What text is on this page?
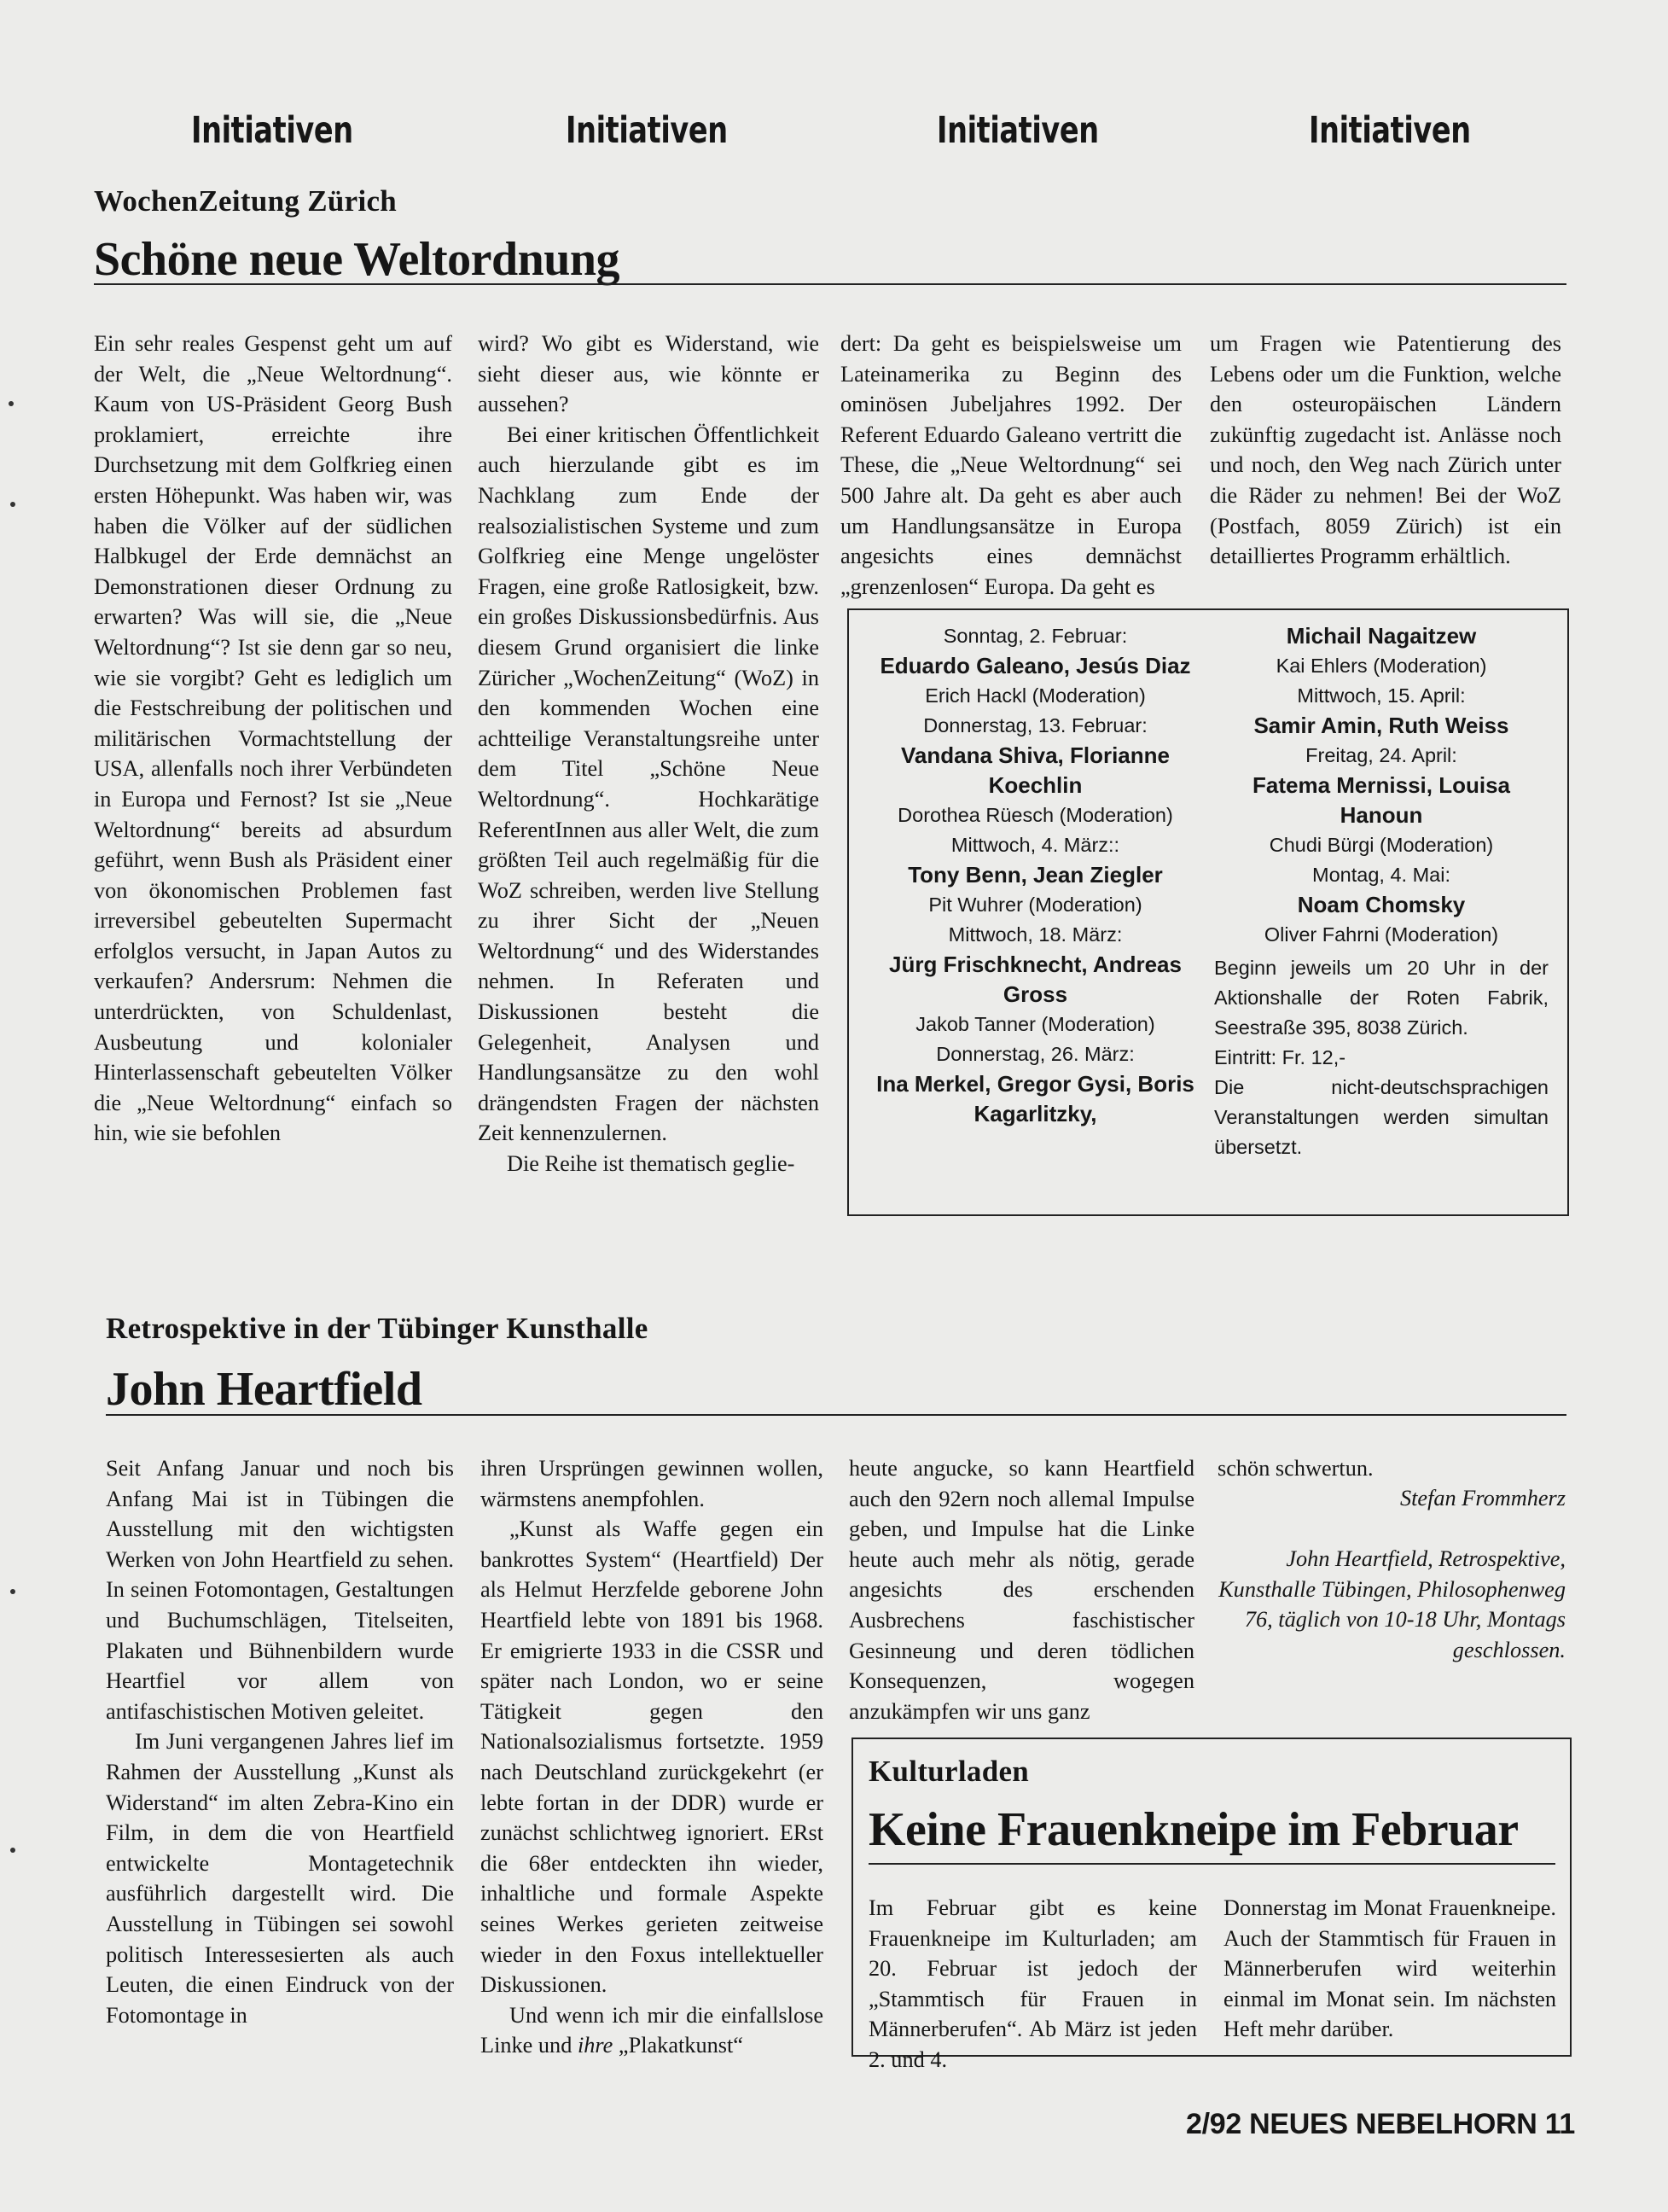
Initiativen	Initiativen	Initiativen	Initiativen
WochenZeitung Zürich
Schöne neue Weltordnung

Ein sehr reales Gespenst geht um auf der Welt, die „Neue Weltordnung“. Kaum von US-Präsident Georg Bush proklamiert, erreichte ihre Durchsetzung mit dem Golfkrieg einen ersten Höhepunkt. Was haben wir, was haben die Völker auf der südlichen Halbkugel der Erde demnächst an Demonstrationen dieser Ordnung zu erwarten? Was will sie, die „Neue Weltordnung“? Ist sie denn gar so neu, wie sie vorgibt? Geht es lediglich um die Festschreibung der politischen und militärischen Vormachtstellung der USA, allenfalls noch ihrer Verbündeten in Europa und Fernost? Ist sie „Neue Weltordnung“ bereits ad absurdum geführt, wenn Bush als Präsident einer von ökonomischen Problemen fast irreversibel gebeutelten Supermacht erfolglos versucht, in Japan Autos zu verkaufen? Andersrum: Nehmen die unterdrückten, von Schuldenlast, Ausbeutung und kolonialer Hinterlassenschaft gebeutelten Völker die „Neue Weltordnung“ einfach so hin, wie sie befohlen

wird? Wo gibt es Widerstand, wie sieht dieser aus, wie könnte er aussehen?

Bei einer kritischen Öffentlichkeit auch hierzulande gibt es im Nachklang zum Ende der realsozialistischen Systeme und zum Golfkrieg eine Menge ungelöster Fragen, eine große Ratlosigkeit, bzw. ein großes Diskussionsbedürfnis. Aus diesem Grund organisiert die linke Züricher „WochenZeitung“ (WoZ) in den kommenden Wochen eine achtteilige Veranstaltungsreihe unter dem Titel „Schöne Neue Weltordnung“. Hochkarätige ReferentInnen aus aller Welt, die zum größten Teil auch regelmäßig für die WoZ schreiben, werden live Stellung zu ihrer Sicht der „Neuen Weltordnung“ und des Widerstandes nehmen. In Referaten und Diskussionen besteht die Gelegenheit, Analysen und Handlungsansätze zu den wohl drängendsten Fragen der nächsten Zeit kennenzulernen.

Die Reihe ist thematisch geglie-

dert: Da geht es beispielsweise um Lateinamerika zu Beginn des ominösen Jubeljahres 1992. Der Referent Eduardo Galeano vertritt die These, die „Neue Weltordnung“ sei 500 Jahre alt. Da geht es aber auch um Handlungsansätze in Europa angesichts eines demnächst „grenzenlosen“ Europa. Da geht es

um Fragen wie Patentierung des Lebens oder um die Funktion, welche den osteuropäischen Ländern zukünftig zugedacht ist. Anlässe noch und noch, den Weg nach Zürich unter die Räder zu nehmen! Bei der WoZ (Postfach, 8059 Zürich) ist ein detailliertes Programm erhältlich.

Sonntag, 2. Februar:
Eduardo Galeano, Jesús Diaz
Erich Hackl (Moderation)
Donnerstag, 13. Februar:
Vandana Shiva, Florianne Koechlin
Dorothea Rüesch (Moderation)
Mittwoch, 4. März::
Tony Benn, Jean Ziegler
Pit Wuhrer (Moderation)
Mittwoch, 18. März:
Jürg Frischknecht, Andreas Gross
Jakob Tanner (Moderation)
Donnerstag, 26. März:
Ina Merkel, Gregor Gysi, Boris Kagarlitzky,
Michail Nagaitzew
Kai Ehlers (Moderation)
Mittwoch, 15. April:
Samir Amin, Ruth Weiss
Freitag, 24. April:
Fatema Mernissi, Louisa Hanoun
Chudi Bürgi (Moderation)
Montag, 4. Mai:
Noam Chomsky
Oliver Fahrni (Moderation)

Beginn jeweils um 20 Uhr in der Aktionshalle der Roten Fabrik, Seestraße 395, 8038 Zürich.

Eintritt: Fr. 12,-

Die nicht-deutschsprachigen Veranstaltungen werden simultan übersetzt.

Retrospektive in der Tübinger Kunsthalle
John Heartfield

Seit Anfang Januar und noch bis Anfang Mai ist in Tübingen die Ausstellung mit den wichtigsten Werken von John Heartfield zu sehen. In seinen Fotomontagen, Gestaltungen und Buchumschlägen, Titelseiten, Plakaten und Bühnenbildern wurde Heartfiel vor allem von antifaschistischen Motiven geleitet.

Im Juni vergangenen Jahres lief im Rahmen der Ausstellung „Kunst als Widerstand“ im alten Zebra-Kino ein Film, in dem die von Heartfield entwickelte Montagetechnik ausführlich dargestellt wird. Die Ausstellung in Tübingen sei sowohl politisch Interessesierten als auch Leuten, die einen Eindruck von der Fotomontage in

ihren Ursprüngen gewinnen wollen, wärmstens anempfohlen.

„Kunst als Waffe gegen ein bankrottes System“ (Heartfield) Der als Helmut Herzfelde geborene John Heartfield lebte von 1891 bis 1968. Er emigrierte 1933 in die CSSR und später nach London, wo er seine Tätigkeit gegen den Nationalsozialismus fortsetzte. 1959 nach Deutschland zurückgekehrt (er lebte fortan in der DDR) wurde er zunächst schlichtweg ignoriert. ERst die 68er entdeckten ihn wieder, inhaltliche und formale Aspekte seines Werkes gerieten zeitweise wieder in den Foxus intellektueller Diskussionen.

Und wenn ich mir die einfallslose Linke und ihre „Plakatkunst“

heute angucke, so kann Heartfield auch den 92ern noch allemal Impulse geben, und Impulse hat die Linke heute auch mehr als nötig, gerade angesichts des erschenden Ausbrechens faschistischer Gesinneung und deren tödlichen Konsequenzen, wogegen anzukämpfen wir uns ganz

schön schwertun.

Stefan Frommherz
John Heartfield, Retrospektive, Kunsthalle Tübingen, Philosophenweg 76, täglich von 10-18 Uhr, Montags geschlossen.
Kulturladen
Keine Frauenkneipe im Februar

Im Februar gibt es keine Frauenkneipe im Kulturladen; am 20. Februar ist jedoch der „Stammtisch für Frauen in Männerberufen“. Ab März ist jeden 2. und 4.

Donnerstag im Monat Frauenkneipe. Auch der Stammtisch für Frauen in Männerberufen wird weiterhin einmal im Monat sein. Im nächsten Heft mehr darüber.

2/92 NEUES NEBELHORN 11
